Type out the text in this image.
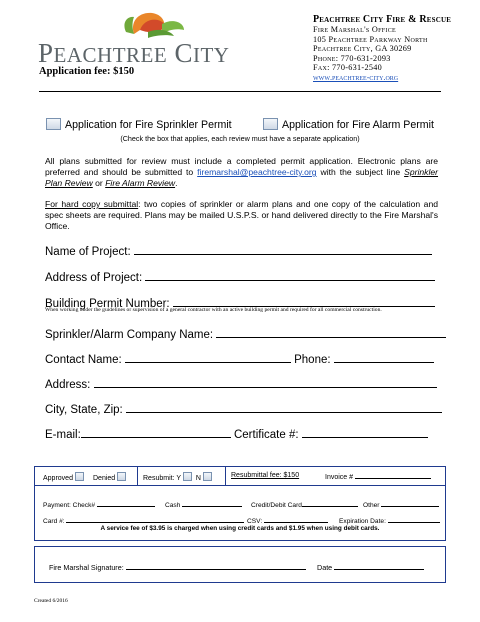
PEACHTREE CITY
Application fee: $150
Peachtree City Fire & Rescue
Fire Marshal's Office
105 Peachtree Parkway North
Peachtree City, GA 30269
Phone: 770-631-2093
Fax: 770-631-2540
www.peachtree-city.org
Application for Fire Sprinkler Permit	Application for Fire Alarm Permit
(Check the box that applies, each review must have a separate application)
All plans submitted for review must include a completed permit application. Electronic plans are preferred and should be submitted to firemarshal@peachtree-city.org with the subject line Sprinkler Plan Review or Fire Alarm Review.
For hard copy submittal: two copies of sprinkler or alarm plans and one copy of the calculation and spec sheets are required. Plans may be mailed U.S.P.S. or hand delivered directly to the Fire Marshal's Office.
Name of Project:
Address of Project:
Building Permit Number:
When working under the guidelines or supervision of a general contractor with an active building permit and required for all commercial construction.
Sprinkler/Alarm Company Name:
Contact Name:	Phone:
Address:
City, State, Zip:
E-mail:	Certificate #:
Approved	Denied	Resubmit: Y N	Resubmittal fee: $150	Invoice #
Payment: Check#	Cash	Credit/Debit Card	Other
Card #:	CSV:	Expiration Date:
A service fee of $3.95 is charged when using credit cards and $1.95 when using debit cards.
Fire Marshal Signature:	Date
Created 6/2016
